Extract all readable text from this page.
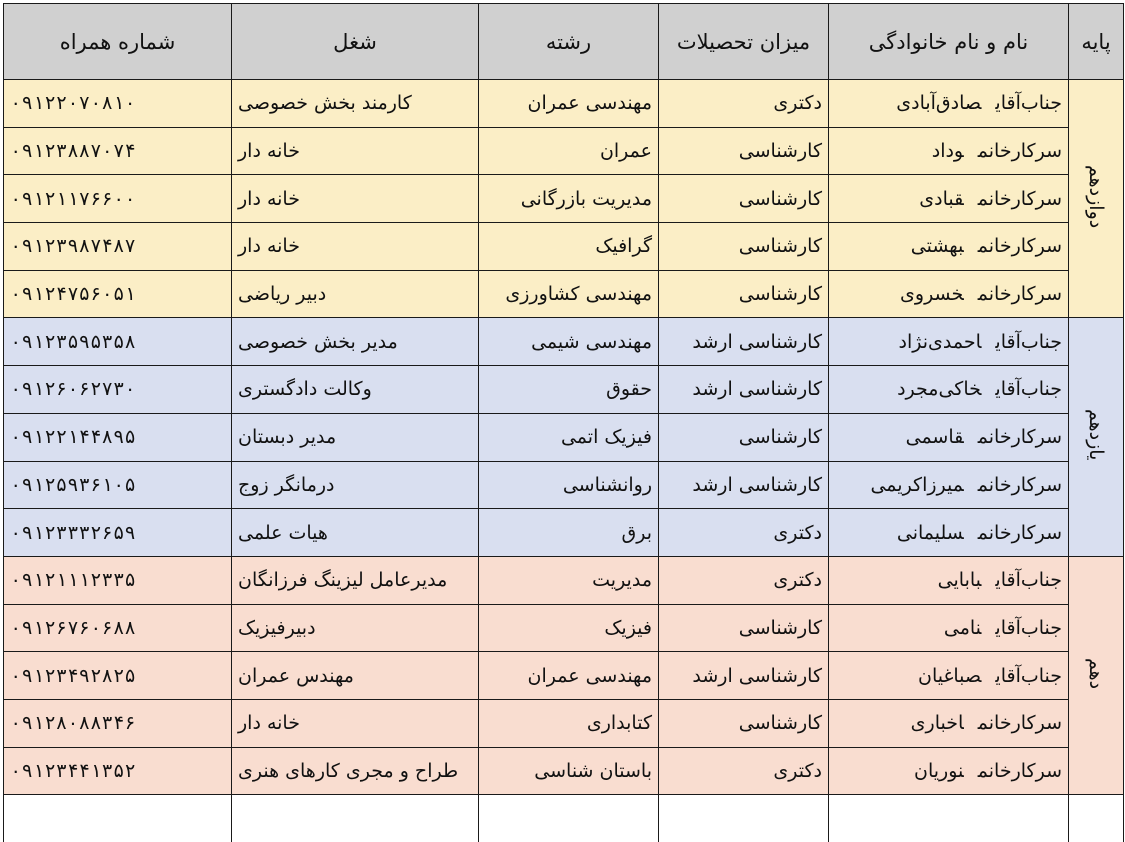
پایه	نام و نام خانوادگی	میزان تحصیلات	رشته	شغل	شماره همراه
دوازدهم	جناب‌آقایصادق‌آبادی	دکتری	مهندسی عمران	کارمند بخش خصوصی	۰۹۱۲۲۰۷۰۸۱۰
	سرکارخانموداد	کارشناسی	عمران	خانه دار	۰۹۱۲۳۸۸۷۰۷۴
	سرکارخانمقبادی	کارشناسی	مدیریت بازرگانی	خانه دار	۰۹۱۲۱۱۷۶۶۰۰
	سرکارخانمبهشتی	کارشناسی	گرافیک	خانه دار	۰۹۱۲۳۹۸۷۴۸۷
	سرکارخانمخسروی	کارشناسی	مهندسی کشاورزی	دبیر ریاضی	۰۹۱۲۴۷۵۶۰۵۱
یازدهم	جناب‌آقایاحمدی‌نژاد	کارشناسی ارشد	مهندسی شیمی	مدیر بخش خصوصی	۰۹۱۲۳۵۹۵۳۵۸
	جناب‌آقایخاکی‌مجرد	کارشناسی ارشد	حقوق	وکالت دادگستری	۰۹۱۲۶۰۶۲۷۳۰
	سرکارخانمقاسمی	کارشناسی	فیزیک اتمی	مدیر دبستان	۰۹۱۲۲۱۴۴۸۹۵
	سرکارخانممیرزاکریمی	کارشناسی ارشد	روانشناسی	درمانگر زوج	۰۹۱۲۵۹۳۶۱۰۵
	سرکارخانمسلیمانی	دکتری	برق	هیات علمی	۰۹۱۲۳۳۳۲۶۵۹
دهم	جناب‌آقایبابایی	دکتری	مدیریت	مدیرعامل لیزینگ فرزانگان	۰۹۱۲۱۱۱۲۳۳۵
	جناب‌آقاینامی	کارشناسی	فیزیک	دبیرفیزیک	۰۹۱۲۶۷۶۰۶۸۸
	جناب‌آقایصباغیان	کارشناسی ارشد	مهندسی عمران	مهندس عمران	۰۹۱۲۳۴۹۲۸۲۵
	سرکارخانماخباری	کارشناسی	کتابداری	خانه دار	۰۹۱۲۸۰۸۸۳۴۶
	سرکارخانمنوریان	دکتری	باستان شناسی	طراح و مجری کارهای هنری	۰۹۱۲۳۴۴۱۳۵۲
